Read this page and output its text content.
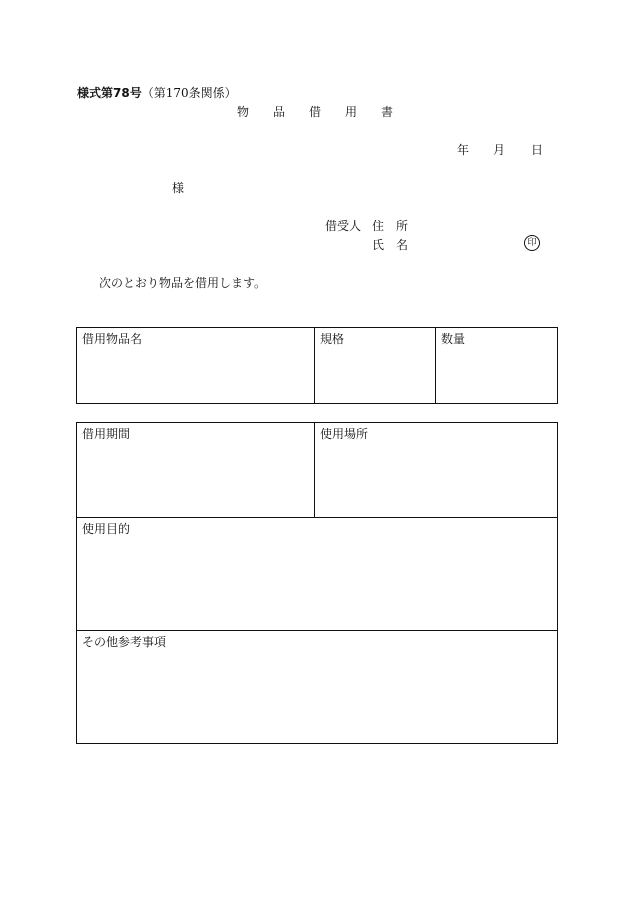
様式第78号（第170条関係）
物 品 借 用 書
年 月 日
様
借受人 住　所
氏　名	印
次のとおり物品を借用します。
借用物品名	規格	数量
借用期間	使用場所
使用目的
その他参考事項
